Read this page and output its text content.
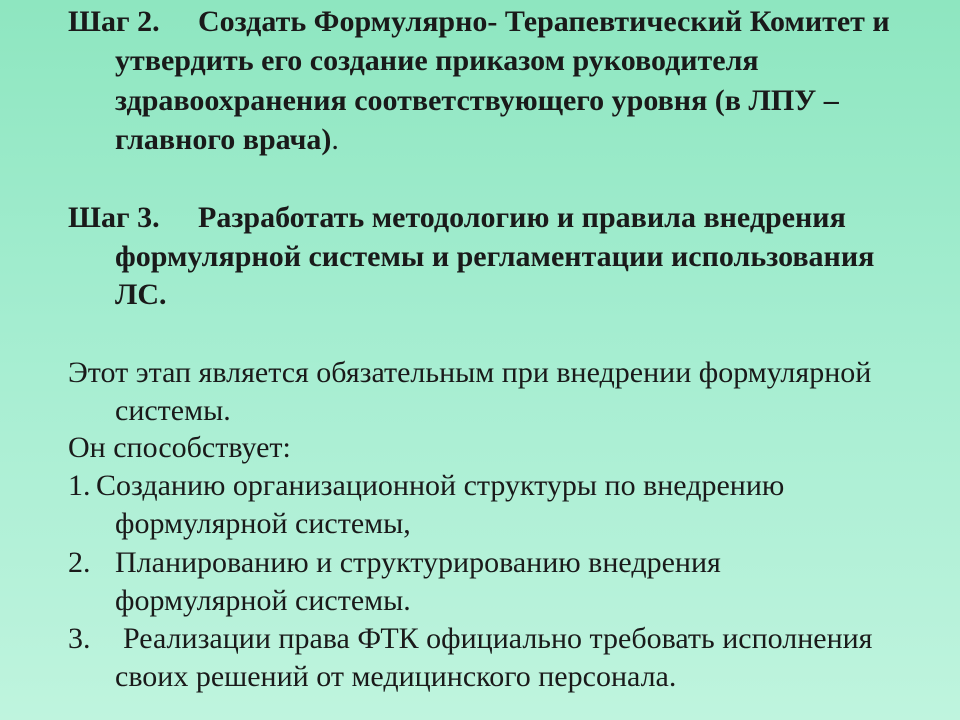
Шаг 2. Создать Формулярно- Терапевтический Комитет и
утвердить его создание приказом руководителя
здравоохранения соответствующего уровня (в ЛПУ –
главного врача).
Шаг 3. Разработать методологию и правила внедрения
формулярной системы и регламентации использования
ЛС.
Этот этап является обязательным при внедрении формулярной
системы.
Он способствует:
1. Созданию организационной структуры по внедрению
формулярной системы,
2. Планированию и структурированию внедрения
формулярной системы.
3. Реализации права ФТК официально требовать исполнения
своих решений от медицинского персонала.
